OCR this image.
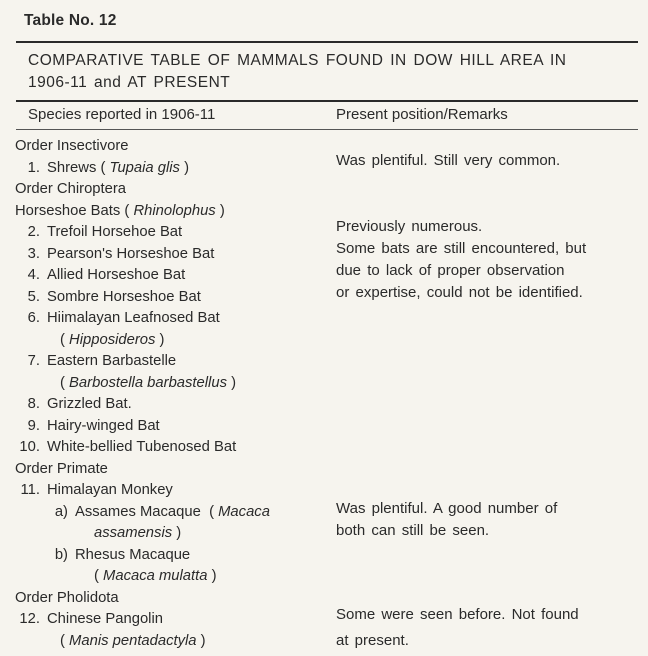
Table No. 12
COMPARATIVE TABLE OF MAMMALS FOUND IN DOW HILL AREA IN
1906-11 and AT PRESENT
Species reported in 1906-11	Present position/Remarks
Order Insectivore
1. Shrews ( Tupaia glis )
Order Chiroptera
Horseshoe Bats ( Rhinolophus )
2. Trefoil Horsehoe Bat
3. Pearson's Horseshoe Bat
4. Allied Horseshoe Bat
5. Sombre Horseshoe Bat
6. Hiimalayan Leafnosed Bat
( Hipposideros )
7. Eastern Barbastelle
( Barbostella barbastellus )
8. Grizzled Bat.
9. Hairy-winged Bat
10. White-bellied Tubenosed Bat
Order Primate
11. Himalayan Monkey
a) Assames Macaque  ( Macaca
assamensis )
b) Rhesus Macaque
( Macaca mulatta )
Order Pholidota
12. Chinese Pangolin
( Manis pentadactyla )
Was plentiful. Still very common.
Previously numerous.
Some bats are still encountered, but
due to lack of proper observation
or expertise, could not be identified.
Was plentiful. A good number of
both can still be seen.
Some were seen before. Not found
at present.
